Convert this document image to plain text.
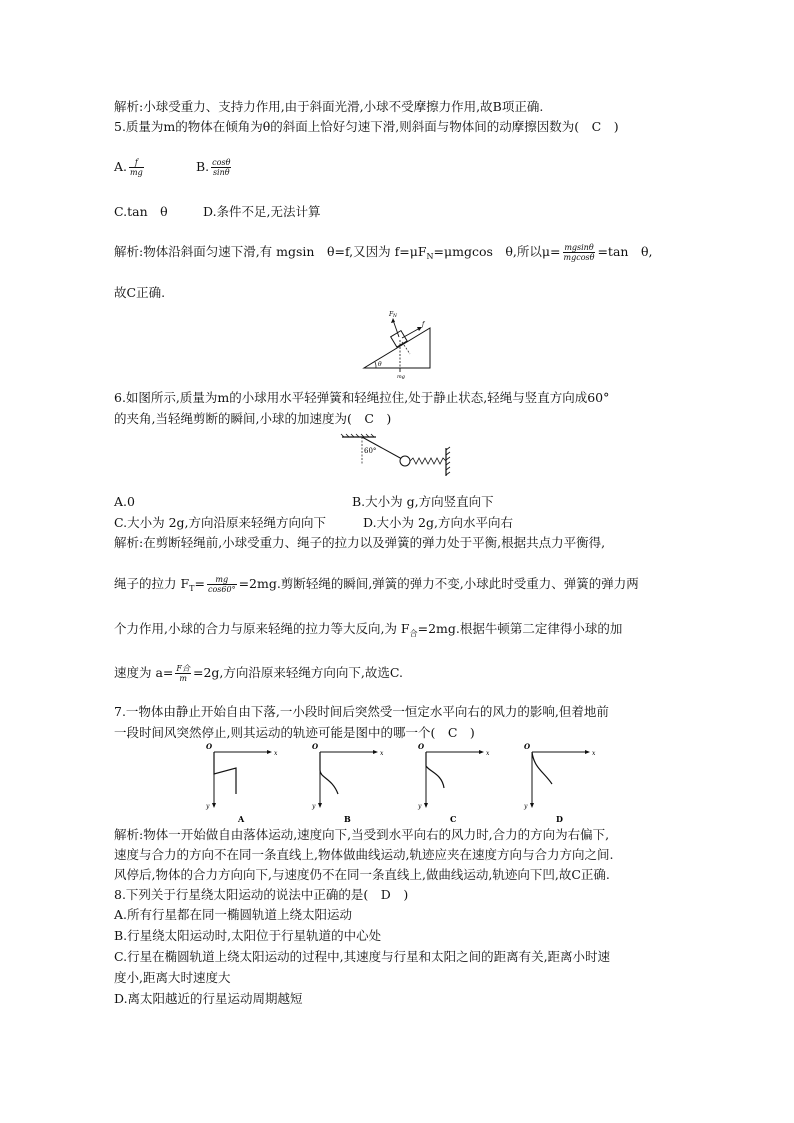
解析:小球受重力、支持力作用,由于斜面光滑,小球不受摩擦力作用,故B项正确.
5.质量为m的物体在倾角为θ的斜面上恰好匀速下滑,则斜面与物体间的动摩擦因数为(　C　)
A. $\frac{f}{mg}$	B. $\frac{\cos\theta}{\sin\theta}$
C.tan　θ	D.条件不足,无法计算
解析:物体沿斜面匀速下滑,有 mgsin　θ=f,又因为 $f=\mu F_N=\mu mgcos$　θ,所以$\mu= \frac{mgsin\theta}{mgcos\theta} =\tan$　θ,
故C正确.
F N
f
θ
mg
6.如图所示,质量为m的小球用水平轻弹簧和轻绳拉住,处于静止状态,轻绳与竖直方向成60°
的夹角,当轻绳剪断的瞬间,小球的加速度为(　C　)
60°
A.0	B.大小为 g,方向竖直向下
C.大小为 2g,方向沿原来轻绳方向向下	D.大小为 2g,方向水平向右
解析:在剪断轻绳前,小球受重力、绳子的拉力以及弹簧的弹力处于平衡,根据共点力平衡得,
绳子的拉力 $F_T= \frac{mg}{\cos 60^\circ} =2mg$.剪断轻绳的瞬间,弹簧的弹力不变,小球此时受重力、弹簧的弹力两
个力作用,小球的合力与原来轻绳的拉力等大反向,为 $F_合=2mg$.根据牛顿第二定律得小球的加
速度为 $a= \frac{\text{F合}}{m} =2g$,方向沿原来轻绳方向向下,故选C.
7.一物体由静止开始自由下落,一小段时间后突然受一恒定水平向右的风力的影响,但着地前
一段时间风突然停止,则其运动的轨迹可能是图中的哪一个(　C　)
O
x
y
A
O
x
y
B
O
x
y
C
O
x
y
D
解析:物体一开始做自由落体运动,速度向下,当受到水平向右的风力时,合力的方向为右偏下,
速度与合力的方向不在同一条直线上,物体做曲线运动,轨迹应夹在速度方向与合力方向之间.
风停后,物体的合力方向向下,与速度仍不在同一条直线上,做曲线运动,轨迹向下凹,故C正确.
8.下列关于行星绕太阳运动的说法中正确的是(　D　)
A.所有行星都在同一椭圆轨道上绕太阳运动
B.行星绕太阳运动时,太阳位于行星轨道的中心处
C.行星在椭圆轨道上绕太阳运动的过程中,其速度与行星和太阳之间的距离有关,距离小时速
度小,距离大时速度大
D.离太阳越近的行星运动周期越短
